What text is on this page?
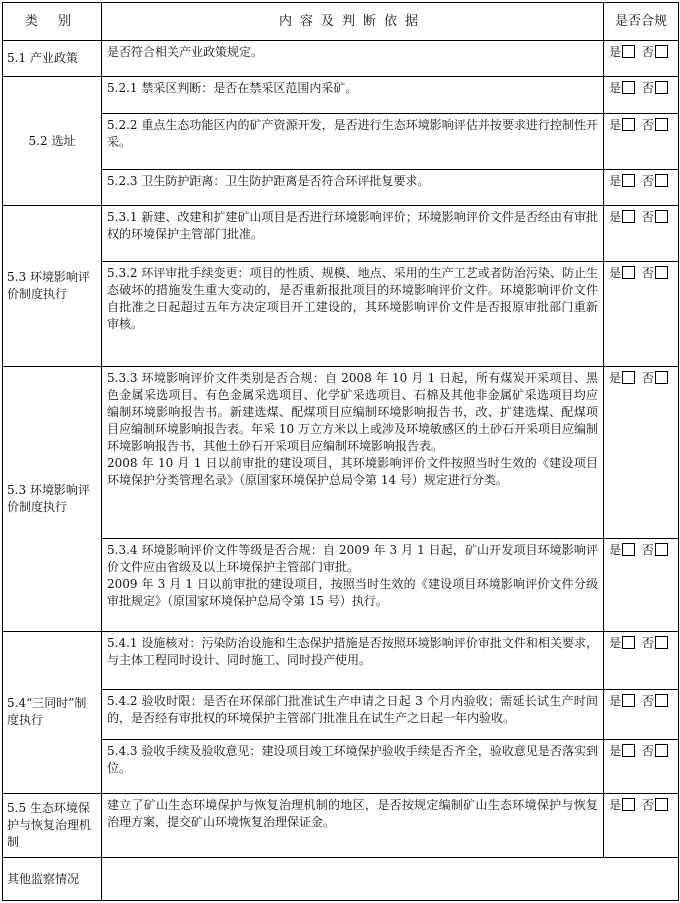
类 别	内容及判断依据	是否合规
5.1 产业政策	是否符合相关产业政策规定。	是 否
5.2 选址	5.2.1 禁采区判断：是否在禁采区范围内采矿。	是 否

	5.2.2 重点生态功能区内的矿产资源开发，是否进行生态环境影响评估并按要求进行控制性开采。	是 否

	5.2.3 卫生防护距离：卫生防护距离是否符合环评批复要求。	是 否
5.3 环境影响评价制度执行	5.3.1 新建、改建和扩建矿山项目是否进行环境影响评价；环境影响评价文件是否经由有审批权的环境保护主管部门批准。	是 否

	5.3.2 环评审批手续变更：项目的性质、规模、地点、采用的生产工艺或者防治污染、防止生态破坏的措施发生重大变动的，是否重新报批项目的环境影响评价文件。环境影响评价文件自批准之日起超过五年方决定项目开工建设的，其环境影响评价文件是否报原审批部门重新审核。	是 否
5.3 环境影响评价制度执行	5.3.3 环境影响评价文件类别是否合规：自 2008 年 10 月 1 日起，所有煤炭开采项目、黑色金属采选项目、有色金属采选项目、化学矿采选项目、石棉及其他非金属矿采选项目均应编制环境影响报告书。新建选煤、配煤项目应编制环境影响报告书，改、扩建选煤、配煤项目应编制环境影响报告表。年采 10 万立方米以上或涉及环境敏感区的土砂石开采项目应编制环境影响报告书，其他土砂石开采项目应编制环境影响报告表。
2008 年 10 月 1 日以前审批的建设项目，其环境影响评价文件按照当时生效的《建设项目环境保护分类管理名录》（原国家环境保护总局令第 14 号）规定进行分类。	是 否

	5.3.4 环境影响评价文件等级是否合规：自 2009 年 3 月 1 日起，矿山开发项目环境影响评价文件应由省级及以上环境保护主管部门审批。
2009 年 3 月 1 日以前审批的建设项目，按照当时生效的《建设项目环境影响评价文件分级审批规定》（原国家环境保护总局令第 15 号）执行。	是 否
5.4“三同时”制度执行	5.4.1 设施核对：污染防治设施和生态保护措施是否按照环境影响评价审批文件和相关要求，与主体工程同时设计、同时施工、同时投产使用。	是 否

	5.4.2 验收时限：是否在环保部门批准试生产申请之日起 3 个月内验收；需延长试生产时间的，是否经有审批权的环境保护主管部门批准且在试生产之日起一年内验收。	是 否

	5.4.3 验收手续及验收意见：建设项目竣工环境保护验收手续是否齐全，验收意见是否落实到位。	是 否
5.5 生态环境保护与恢复治理机制	建立了矿山生态环境保护与恢复治理机制的地区，是否按规定编制矿山生态环境保护与恢复治理方案，提交矿山环境恢复治理保证金。	是 否
其他监察情况		
